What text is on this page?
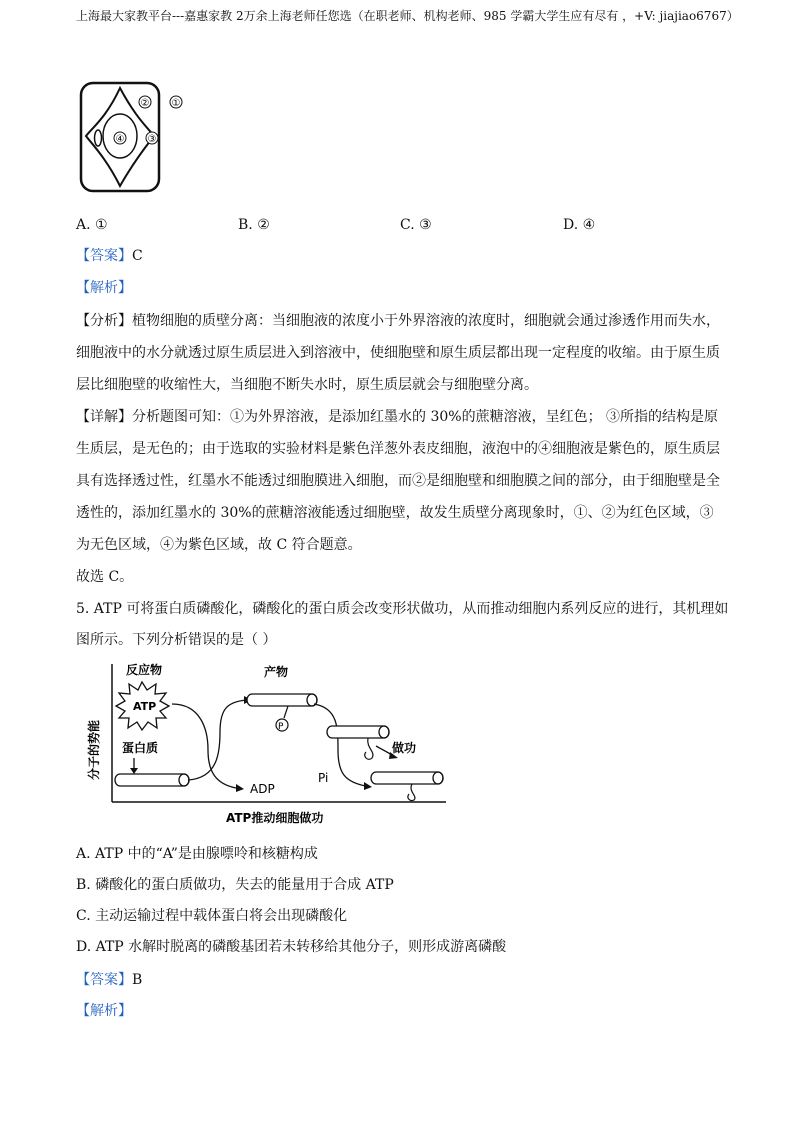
上海最大家教平台---嘉惠家教 2万余上海老师任您选（在职老师、机构老师、985 学霸大学生应有尽有 ，+V: jiajiao6767）
② ①
③
④
A. ①	B. ②	C. ③	D. ④
【答案】C
【解析】
【分析】植物细胞的质壁分离：当细胞液的浓度小于外界溶液的浓度时，细胞就会通过渗透作用而失水，
细胞液中的水分就透过原生质层进入到溶液中，使细胞壁和原生质层都出现一定程度的收缩。由于原生质
层比细胞壁的收缩性大，当细胞不断失水时，原生质层就会与细胞壁分离。
【详解】分析题图可知：①为外界溶液，是添加红墨水的 30%的蔗糖溶液，呈红色； ③所指的结构是原
生质层，是无色的；由于选取的实验材料是紫色洋葱外表皮细胞，液泡中的④细胞液是紫色的，原生质层
具有选择透过性，红墨水不能透过细胞膜进入细胞，而②是细胞壁和细胞膜之间的部分，由于细胞壁是全
透性的，添加红墨水的 30%的蔗糖溶液能透过细胞壁，故发生质壁分离现象时，①、②为红色区域，③
为无色区域，④为紫色区域，故 C 符合题意。
故选 C。
5. ATP 可将蛋白质磷酸化，磷酸化的蛋白质会改变形状做功，从而推动细胞内系列反应的进行，其机理如
图所示。下列分析错误的是（ ）
分子的势能
ATP推动细胞做功
反应物
ATP
蛋白质
ADP
产物
P
Pi
做功
A. ATP 中的“A”是由腺嘌呤和核糖构成
B. 磷酸化的蛋白质做功，失去的能量用于合成 ATP
C. 主动运输过程中载体蛋白将会出现磷酸化
D. ATP 水解时脱离的磷酸基团若未转移给其他分子，则形成游离磷酸
【答案】B
【解析】
